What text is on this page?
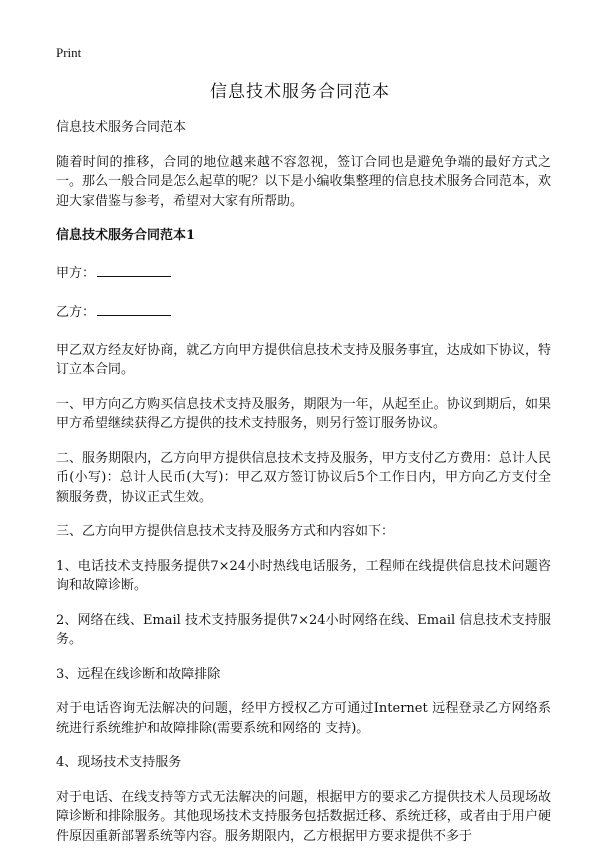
Print
信息技术服务合同范本

信息技术服务合同范本

随着时间的推移，合同的地位越来越不容忽视，签订合同也是避免争端的最好方式之一。那么一般合同是怎么起草的呢？以下是小编收集整理的信息技术服务合同范本，欢迎大家借鉴与参考，希望对大家有所帮助。

信息技术服务合同范本1

甲方：

乙方：

甲乙双方经友好协商，就乙方向甲方提供信息技术支持及服务事宜，达成如下协议，特订立本合同。

一、甲方向乙方购买信息技术支持及服务，期限为一年，从起至止。协议到期后，如果甲方希望继续获得乙方提供的技术支持服务，则另行签订服务协议。

二、服务期限内，乙方向甲方提供信息技术支持及服务，甲方支付乙方费用：总计人民币(小写)：总计人民币(大写)：甲乙双方签订协议后5个工作日内，甲方向乙方支付全额服务费，协议正式生效。

三、乙方向甲方提供信息技术支持及服务方式和内容如下：

1、电话技术支持服务提供7×24小时热线电话服务，工程师在线提供信息技术问题咨询和故障诊断。

2、网络在线、Email 技术支持服务提供7×24小时网络在线、Email 信息技术支持服务。

3、远程在线诊断和故障排除

对于电话咨询无法解决的问题，经甲方授权乙方可通过Internet 远程登录乙方网络系统进行系统维护和故障排除(需要系统和网络的 支持)。

4、现场技术支持服务

对于电话、在线支持等方式无法解决的问题，根据甲方的要求乙方提供技术人员现场故障诊断和排除服务。其他现场技术支持服务包括数据迁移、系统迁移，或者由于用户硬件原因重新部署系统等内容。服务期限内，乙方根据甲方要求提供不多于
